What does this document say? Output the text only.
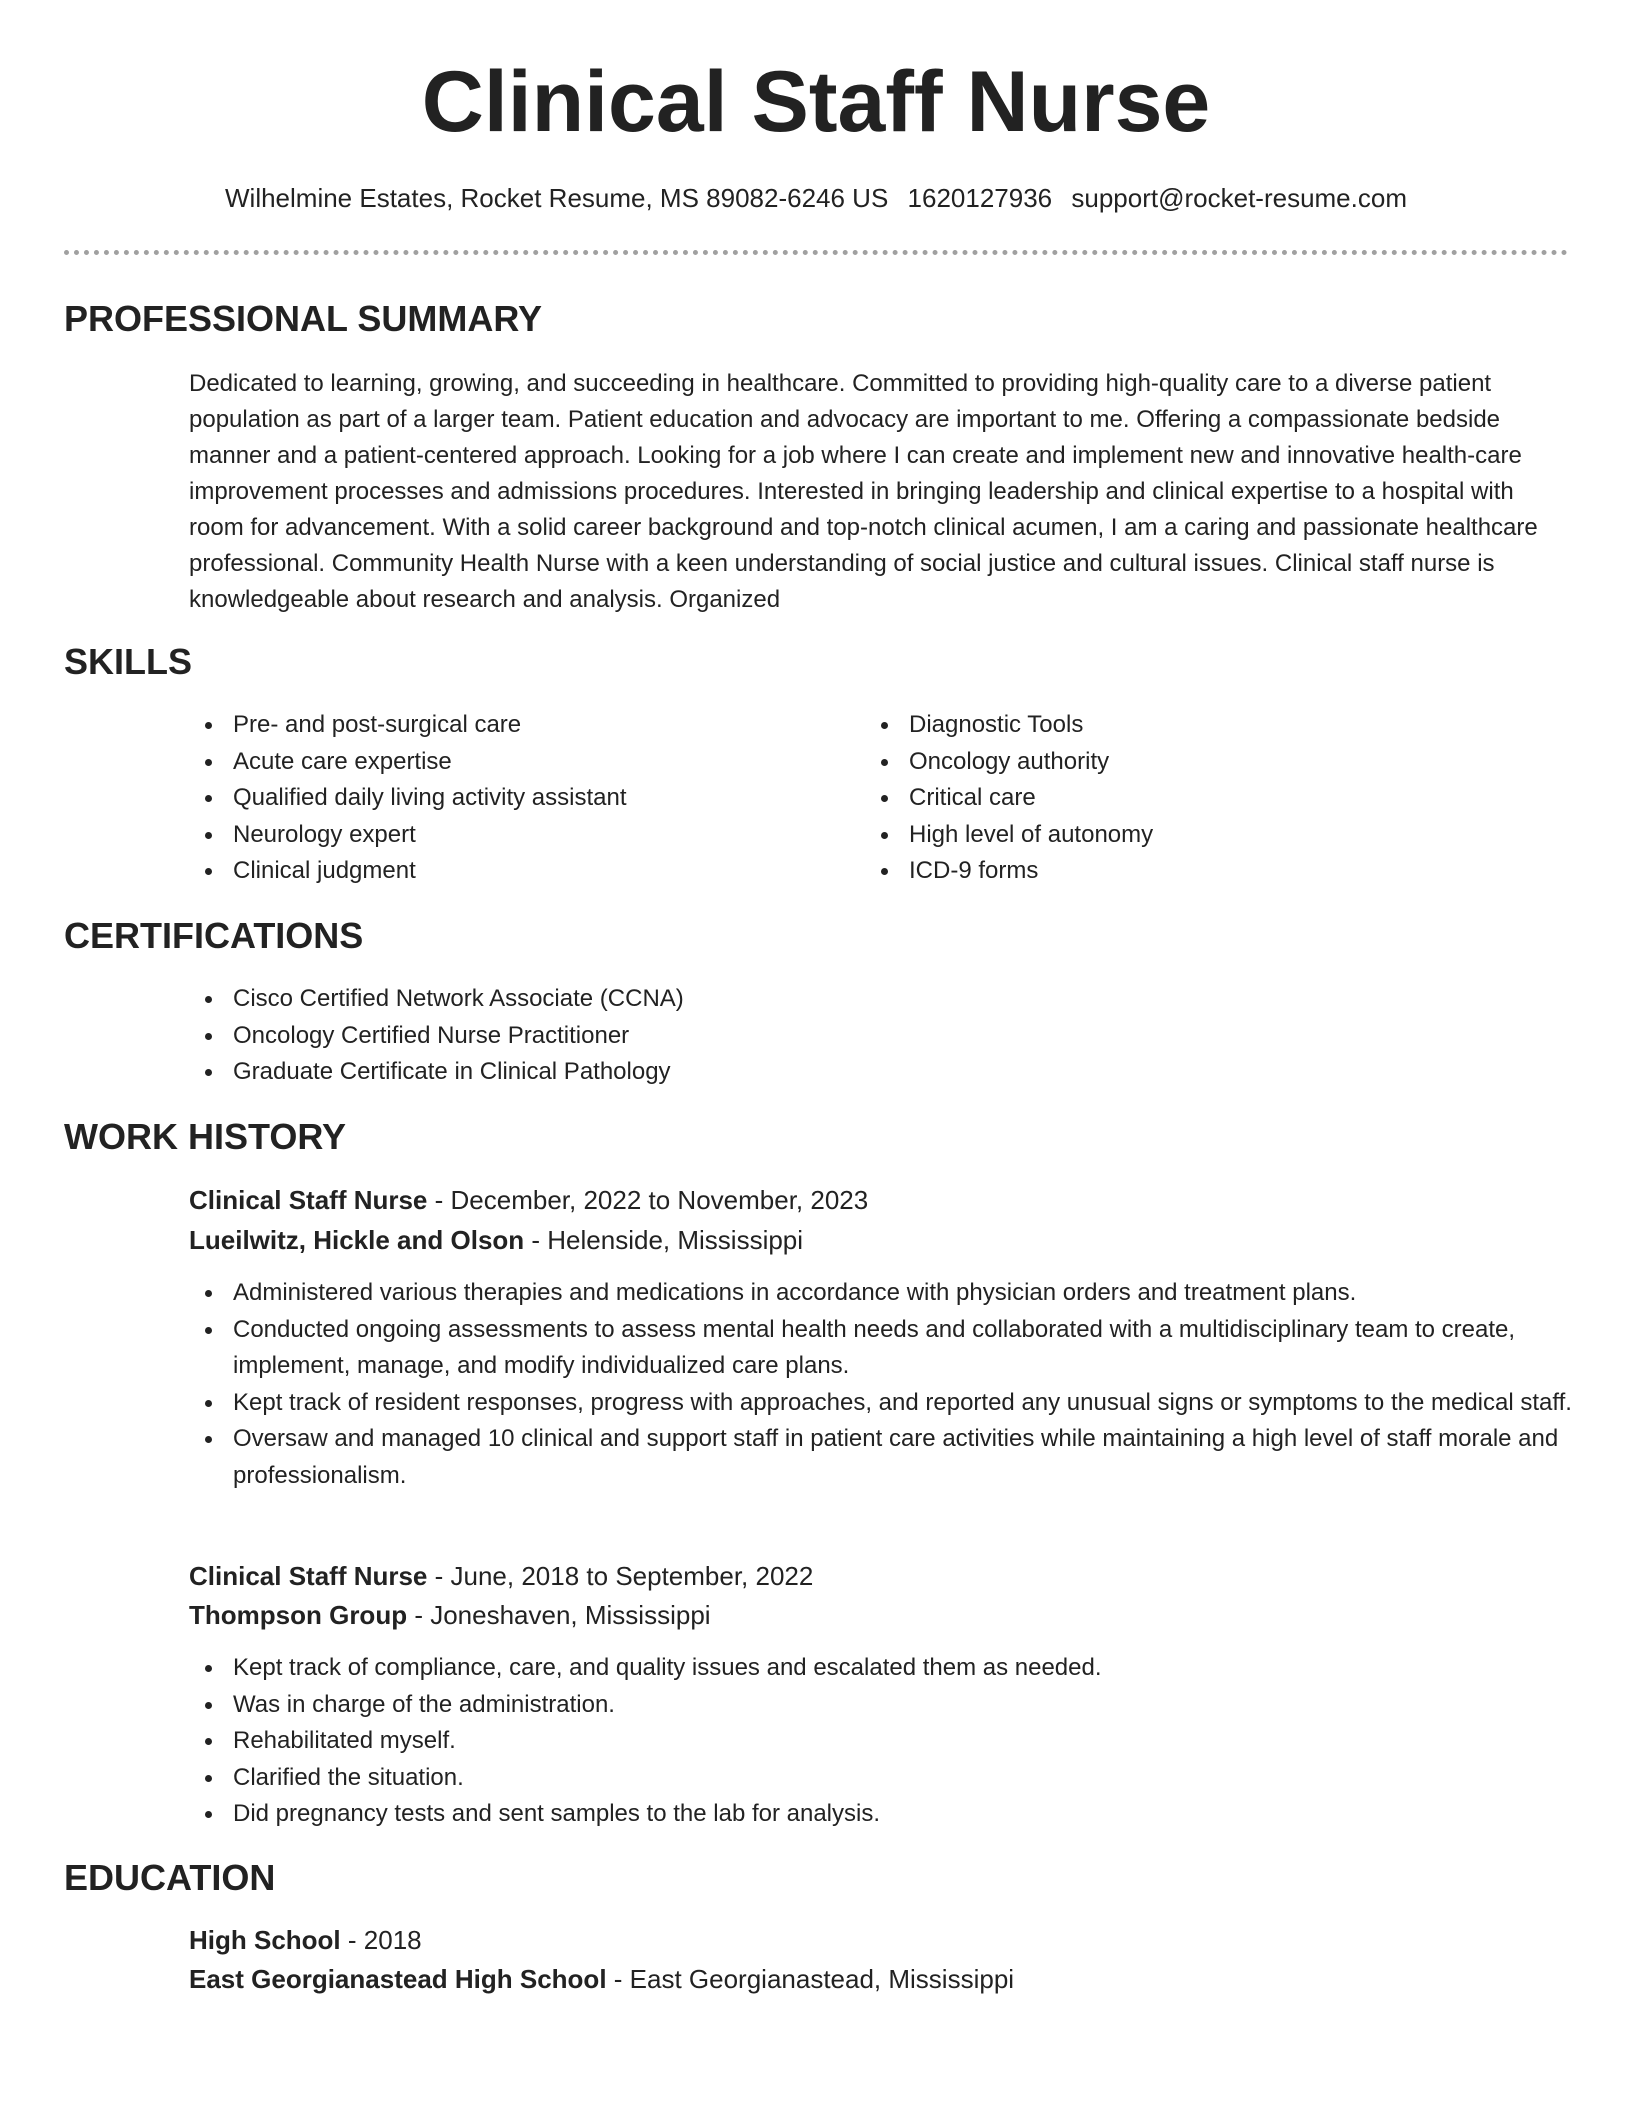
Clinical Staff Nurse
Wilhelmine Estates, Rocket Resume, MS 89082-6246 US 1620127936 support@rocket-resume.com
PROFESSIONAL SUMMARY

Dedicated to learning, growing, and succeeding in healthcare. Committed to providing high-quality care to a diverse patient population as part of a larger team. Patient education and advocacy are important to me. Offering a compassionate bedside manner and a patient-centered approach. Looking for a job where I can create and implement new and innovative health-care improvement processes and admissions procedures. Interested in bringing leadership and clinical expertise to a hospital with room for advancement. With a solid career background and top-notch clinical acumen, I am a caring and passionate healthcare professional. Community Health Nurse with a keen understanding of social justice and cultural issues. Clinical staff nurse is knowledgeable about research and analysis. Organized

SKILLS
Pre- and post-surgical care
Acute care expertise
Qualified daily living activity assistant
Neurology expert
Clinical judgment
Diagnostic Tools
Oncology authority
Critical care
High level of autonomy
ICD-9 forms
CERTIFICATIONS
Cisco Certified Network Associate (CCNA)
Oncology Certified Nurse Practitioner
Graduate Certificate in Clinical Pathology
WORK HISTORY
Clinical Staff Nurse - December, 2022 to November, 2023
Lueilwitz, Hickle and Olson - Helenside, Mississippi
Administered various therapies and medications in accordance with physician orders and treatment plans.
Conducted ongoing assessments to assess mental health needs and collaborated with a multidisciplinary team to create, implement, manage, and modify individualized care plans.
Kept track of resident responses, progress with approaches, and reported any unusual signs or symptoms to the medical staff.
Oversaw and managed 10 clinical and support staff in patient care activities while maintaining a high level of staff morale and professionalism.
Clinical Staff Nurse - June, 2018 to September, 2022
Thompson Group - Joneshaven, Mississippi
Kept track of compliance, care, and quality issues and escalated them as needed.
Was in charge of the administration.
Rehabilitated myself.
Clarified the situation.
Did pregnancy tests and sent samples to the lab for analysis.
EDUCATION
High School - 2018
East Georgianastead High School - East Georgianastead, Mississippi
